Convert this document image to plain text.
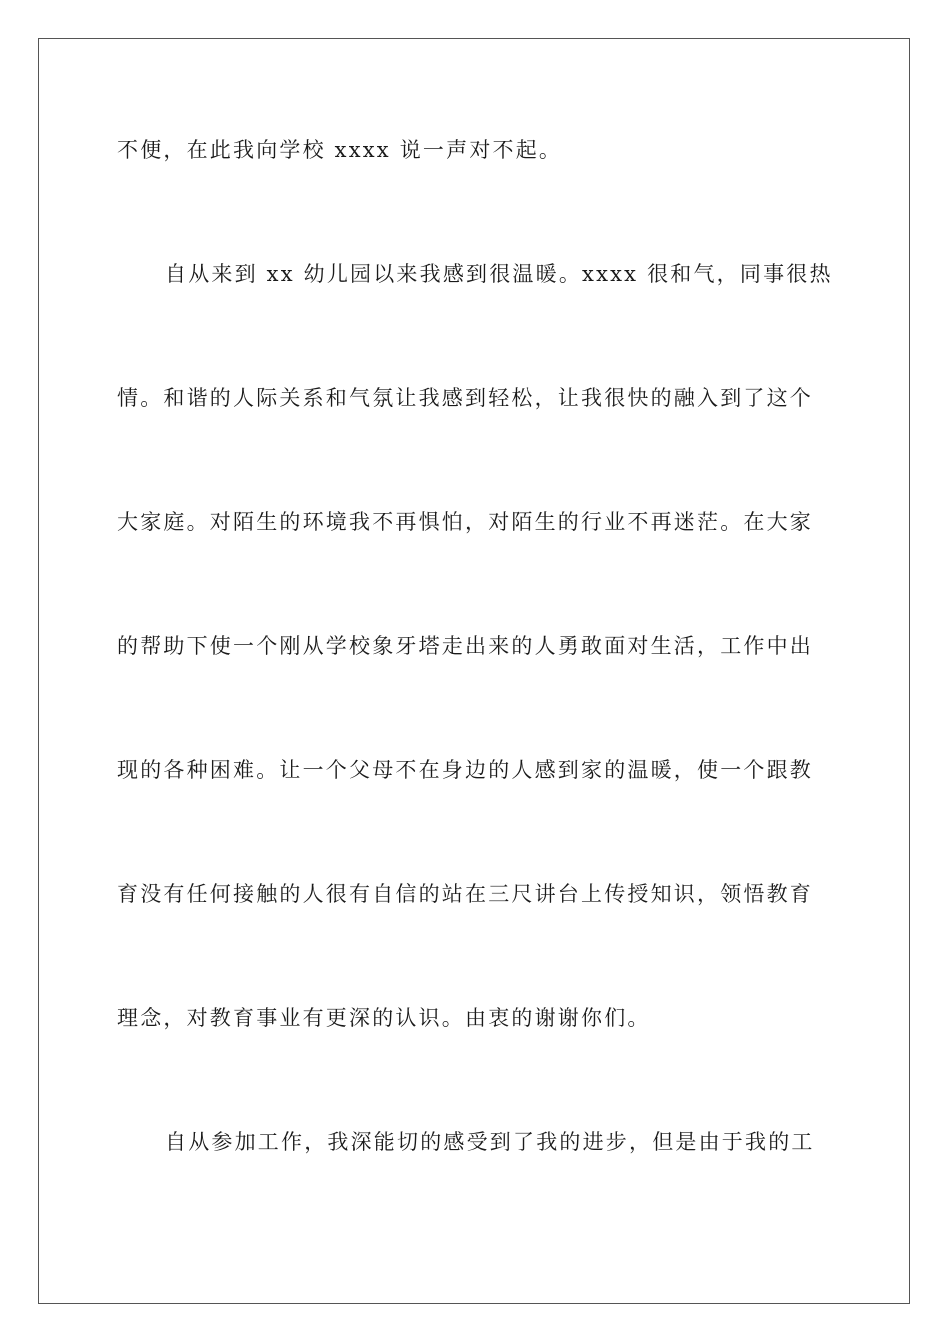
不便，在此我向学校 xxxx 说一声对不起。
自从来到 xx 幼儿园以来我感到很温暖。xxxx 很和气，同事很热
情。和谐的人际关系和气氛让我感到轻松，让我很快的融入到了这个
大家庭。对陌生的环境我不再惧怕，对陌生的行业不再迷茫。在大家
的帮助下使一个刚从学校象牙塔走出来的人勇敢面对生活，工作中出
现的各种困难。让一个父母不在身边的人感到家的温暖，使一个跟教
育没有任何接触的人很有自信的站在三尺讲台上传授知识，领悟教育
理念，对教育事业有更深的认识。由衷的谢谢你们。
自从参加工作，我深能切的感受到了我的进步，但是由于我的工
